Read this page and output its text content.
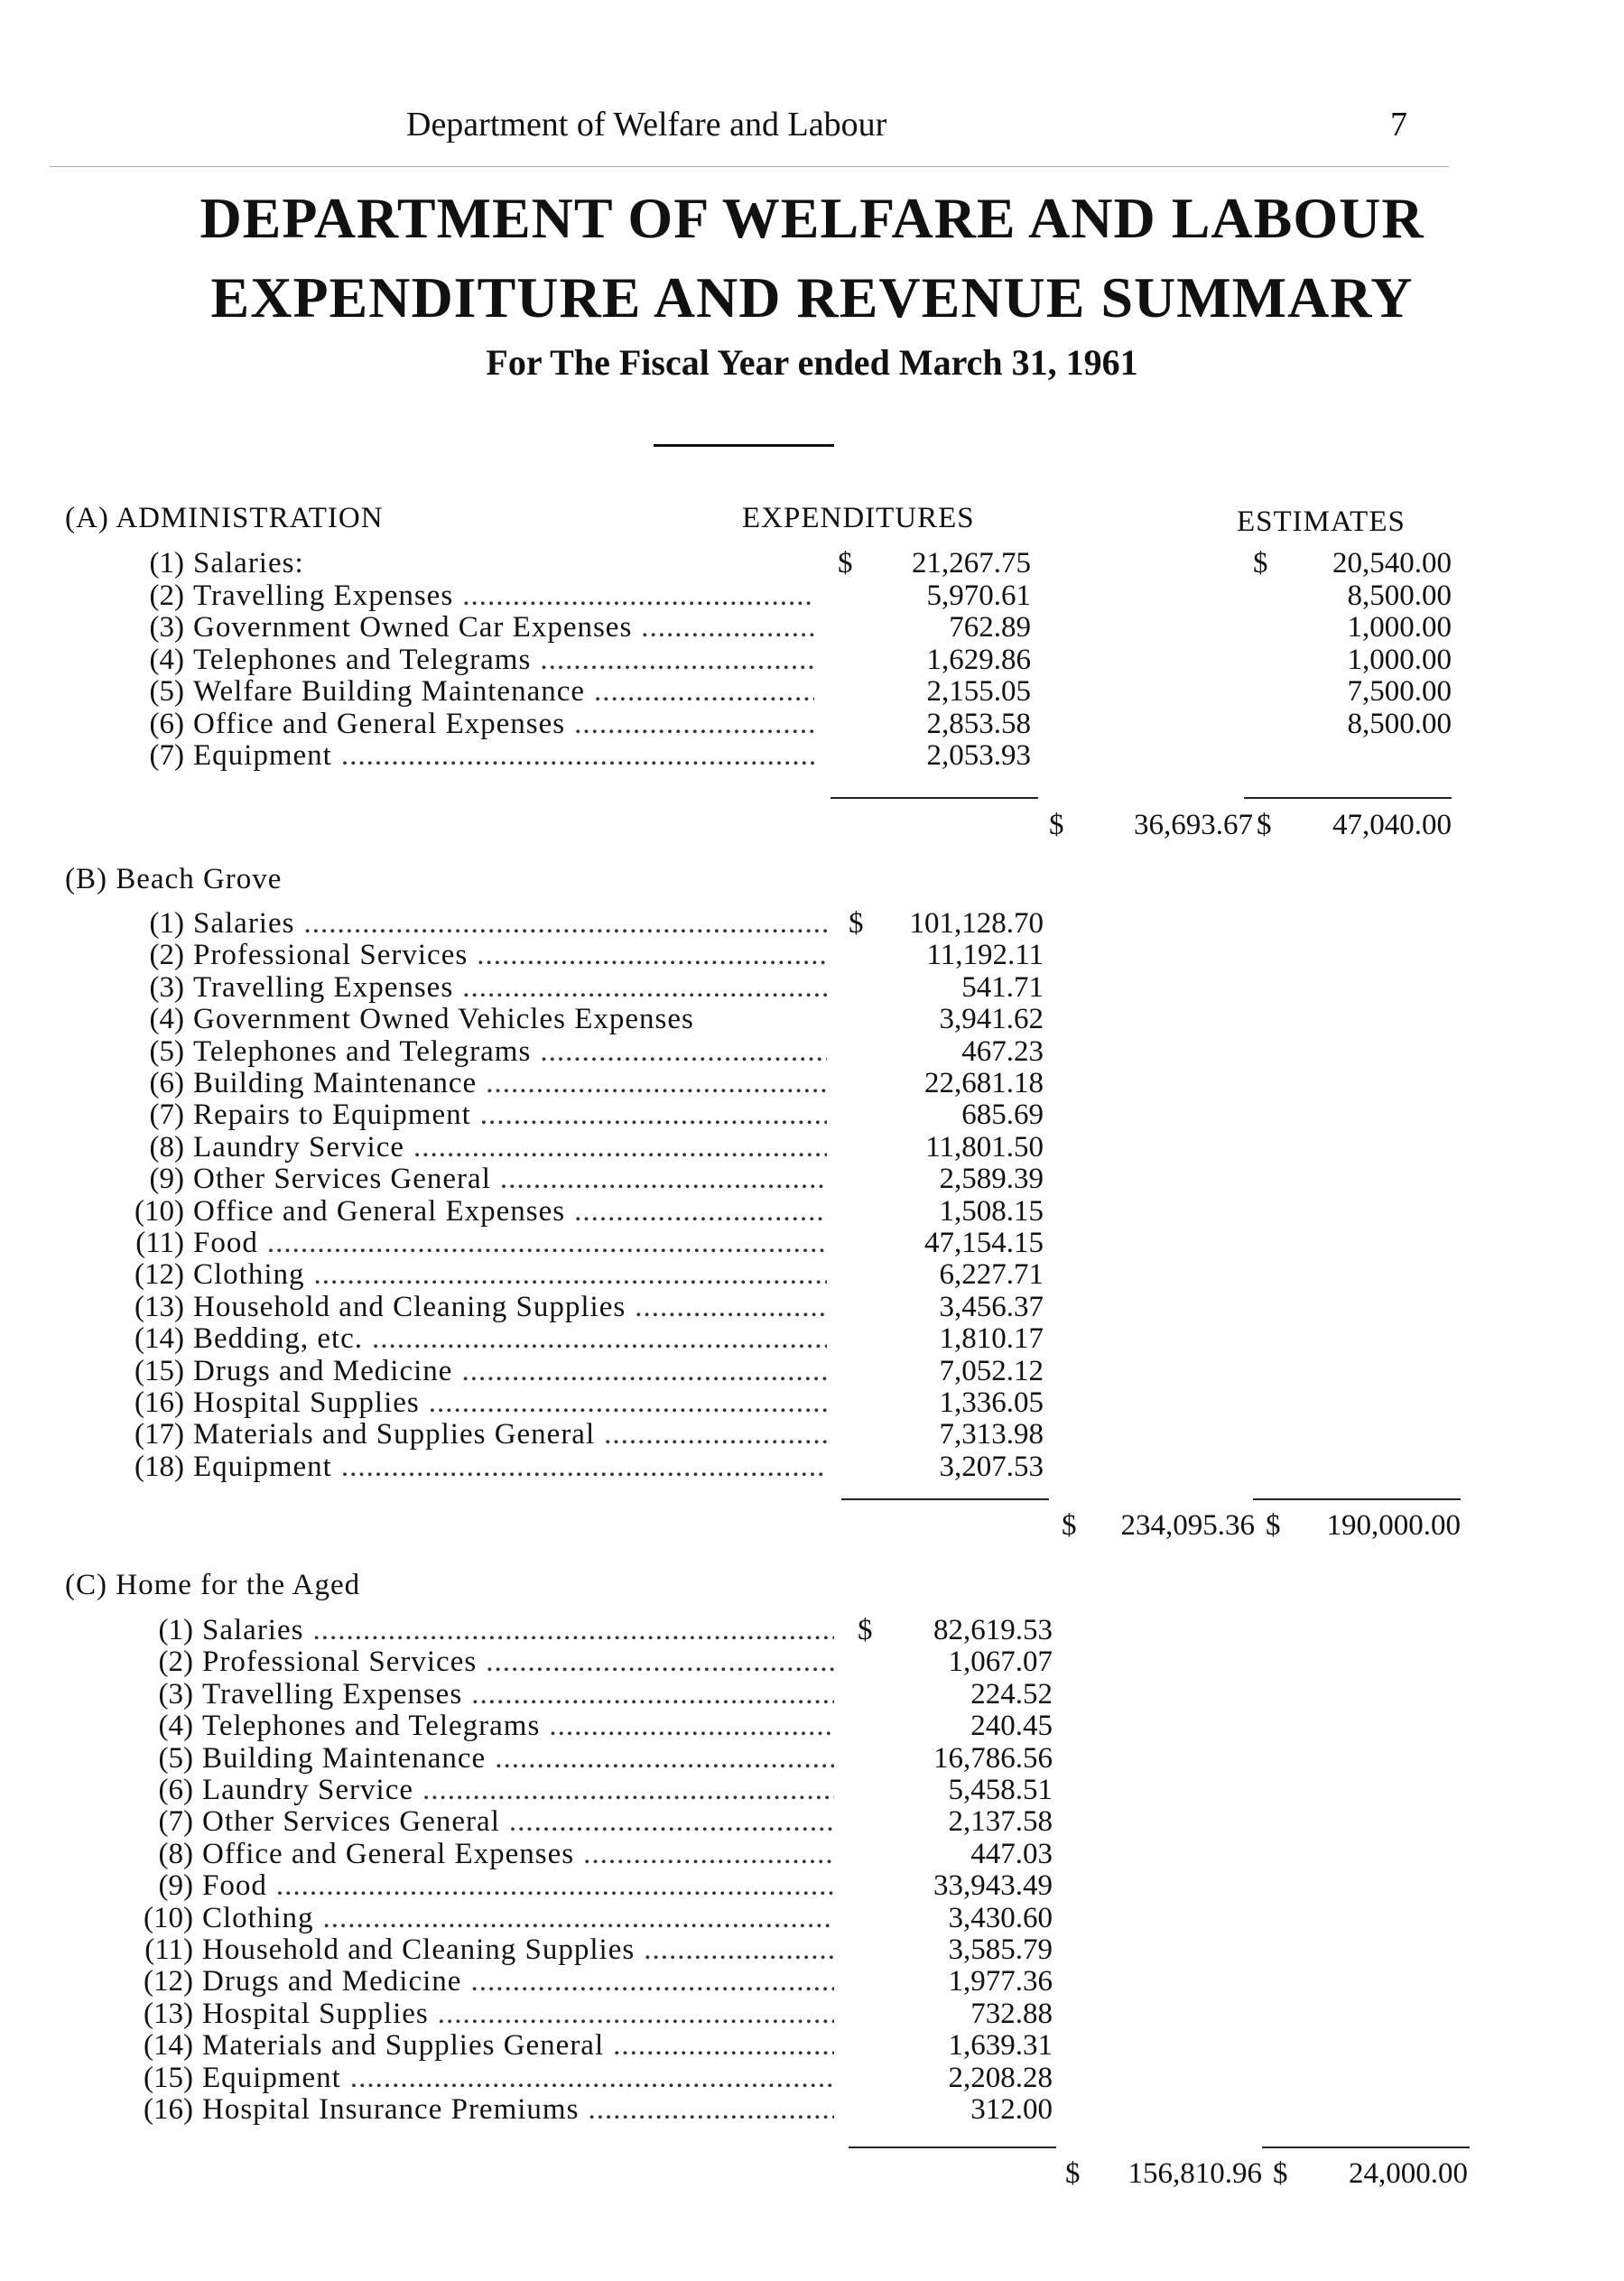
Department of Welfare and Labour	7
DEPARTMENT OF WELFARE AND LABOUR
EXPENDITURE AND REVENUE SUMMARY
For The Fiscal Year ended March 31, 1961
EXPENDITURES	ESTIMATES
(A) ADMINISTRATION
(1) Salaries:	$ 21,267.75	$ 20,540.00
(2) Travelling Expenses .....	5,970.61	8,500.00
(3) Government Owned Car Expenses .....	762.89	1,000.00
(4) Telephones and Telegrams .....	1,629.86	1,000.00
(5) Welfare Building Maintenance .....	2,155.05	7,500.00
(6) Office and General Expenses .....	2,853.58	8,500.00
(7) Equipment .....	2,053.93
$ 36,693.67 $ 47,040.00
(B) Beach Grove
(1) Salaries .....	$ 101,128.70
(2) Professional Services .....	11,192.11
(3) Travelling Expenses .....	541.71
(4) Government Owned Vehicles Expenses	3,941.62
(5) Telephones and Telegrams .....	467.23
(6) Building Maintenance .....	22,681.18
(7) Repairs to Equipment .....	685.69
(8) Laundry Service .....	11,801.50
(9) Other Services General .....	2,589.39
(10) Office and General Expenses .....	1,508.15
(11) Food .....	47,154.15
(12) Clothing .....	6,227.71
(13) Household and Cleaning Supplies .....	3,456.37
(14) Bedding, etc. .....	1,810.17
(15) Drugs and Medicine .....	7,052.12
(16) Hospital Supplies .....	1,336.05
(17) Materials and Supplies General .....	7,313.98
(18) Equipment .....	3,207.53
$ 234,095.36 $ 190,000.00
(C) Home for the Aged
(1) Salaries .....	$ 82,619.53
(2) Professional Services .....	1,067.07
(3) Travelling Expenses .....	224.52
(4) Telephones and Telegrams .....	240.45
(5) Building Maintenance .....	16,786.56
(6) Laundry Service .....	5,458.51
(7) Other Services General .....	2,137.58
(8) Office and General Expenses .....	447.03
(9) Food .....	33,943.49
(10) Clothing .....	3,430.60
(11) Household and Cleaning Supplies .....	3,585.79
(12) Drugs and Medicine .....	1,977.36
(13) Hospital Supplies .....	732.88
(14) Materials and Supplies General .....	1,639.31
(15) Equipment .....	2,208.28
(16) Hospital Insurance Premiums .....	312.00
$ 156,810.96 $ 24,000.00
